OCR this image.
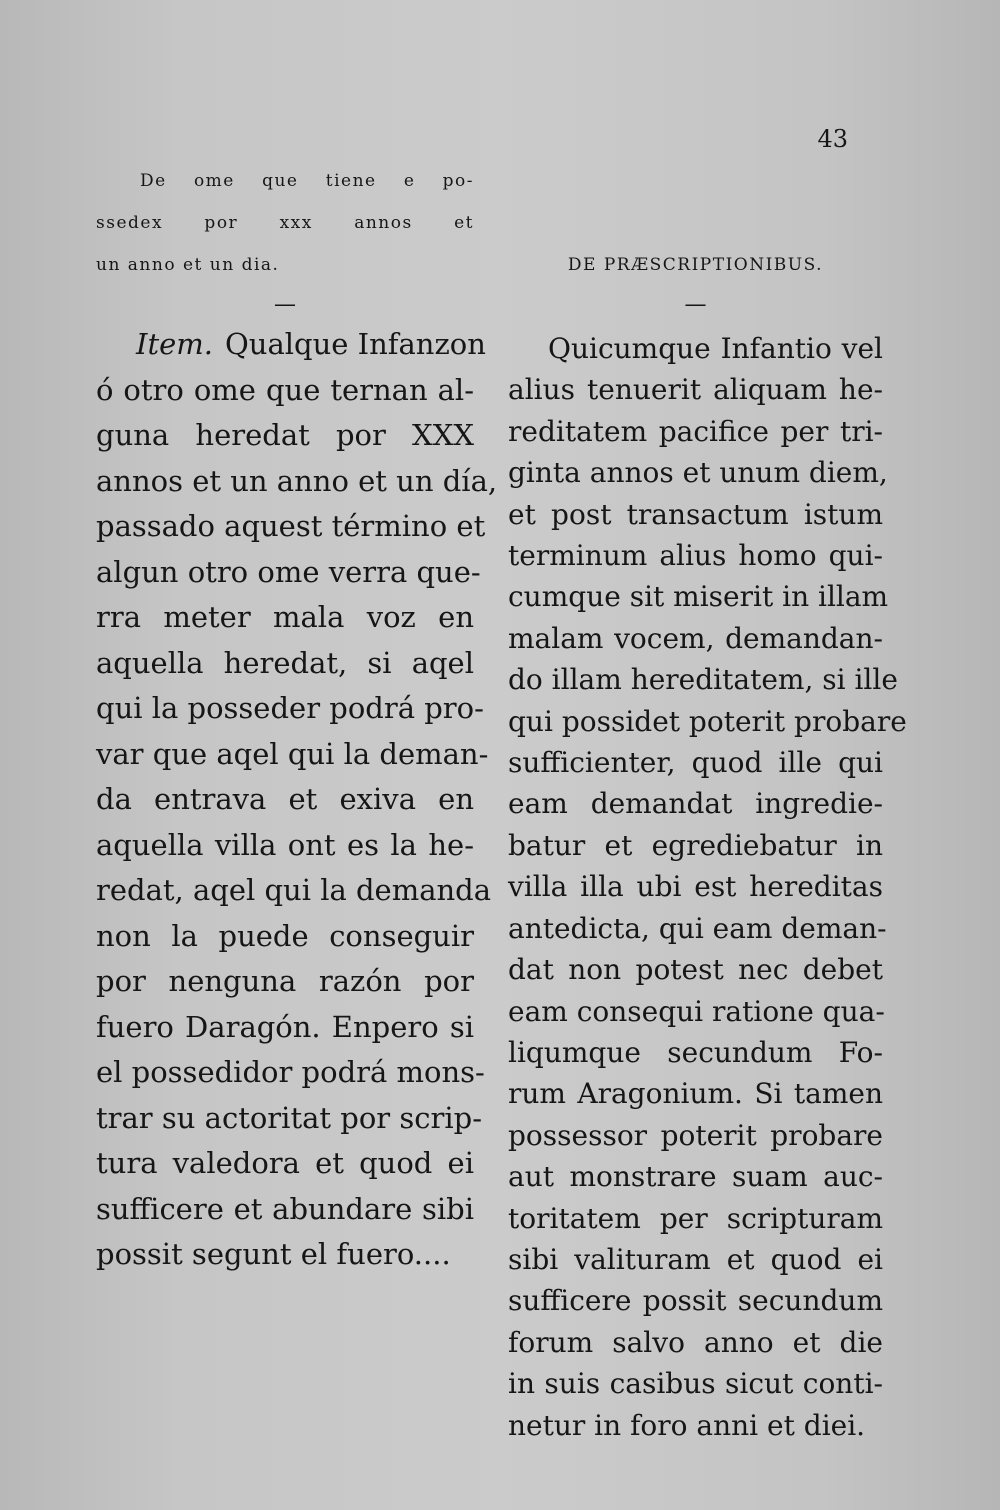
43
De ome que tiene e po-
ssedex por xxx annos et
un anno et un dia.
—
Item. Qualque Infanzon
ó otro ome que ternan al-
guna heredat por XXX
annos et un anno et un día,
passado aquest término et
algun otro ome verra que-
rra meter mala voz en
aquella heredat, si aqel
qui la posseder podrá pro-
var que aqel qui la deman-
da entrava et exiva en
aquella villa ont es la he-
redat, aqel qui la demanda
non la puede conseguir
por nenguna razón por
fuero Daragón. Enpero si
el possedidor podrá mons-
trar su actoritat por scrip-
tura valedora et quod ei
sufficere et abundare sibi
possit segunt el fuero....
DE PRÆSCRIPTIONIBUS.
—
Quicumque Infantio vel
alius tenuerit aliquam he-
reditatem pacifice per tri-
ginta annos et unum diem,
et post transactum istum
terminum alius homo qui-
cumque sit miserit in illam
malam vocem, demandan-
do illam hereditatem, si ille
qui possidet poterit probare
sufficienter, quod ille qui
eam demandat ingredie-
batur et egrediebatur in
villa illa ubi est hereditas
antedicta, qui eam deman-
dat non potest nec debet
eam consequi ratione qua-
liqumque secundum Fo-
rum Aragonium. Si tamen
possessor poterit probare
aut monstrare suam auc-
toritatem per scripturam
sibi valituram et quod ei
sufficere possit secundum
forum salvo anno et die
in suis casibus sicut conti-
netur in foro anni et diei.
